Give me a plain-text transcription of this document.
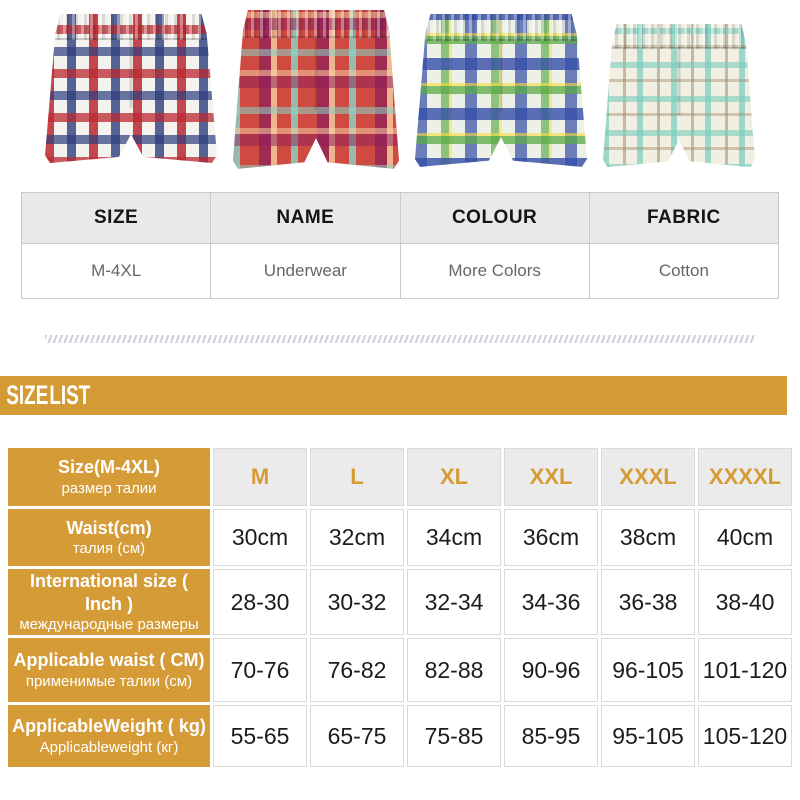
SIZE	NAME	COLOUR	FABRIC
M-4XL	Underwear	More Colors	Cotton
SIZE LIST
Size(M-4XL)
размер талии	M	L	XL	XXL	XXXL	XXXXL

Waist(cm)
талия (см)	30cm	32cm	34cm	36cm	38cm	40cm

International size ( Inch )
международные размеры	28-30	30-32	32-34	34-36	36-38	38-40

Applicable waist ( CM)
применимые талии (см)	70-76	76-82	82-88	90-96	96-105	101-120

ApplicableWeight ( kg)
Applicableweight (кг)	55-65	65-75	75-85	85-95	95-105	105-120
